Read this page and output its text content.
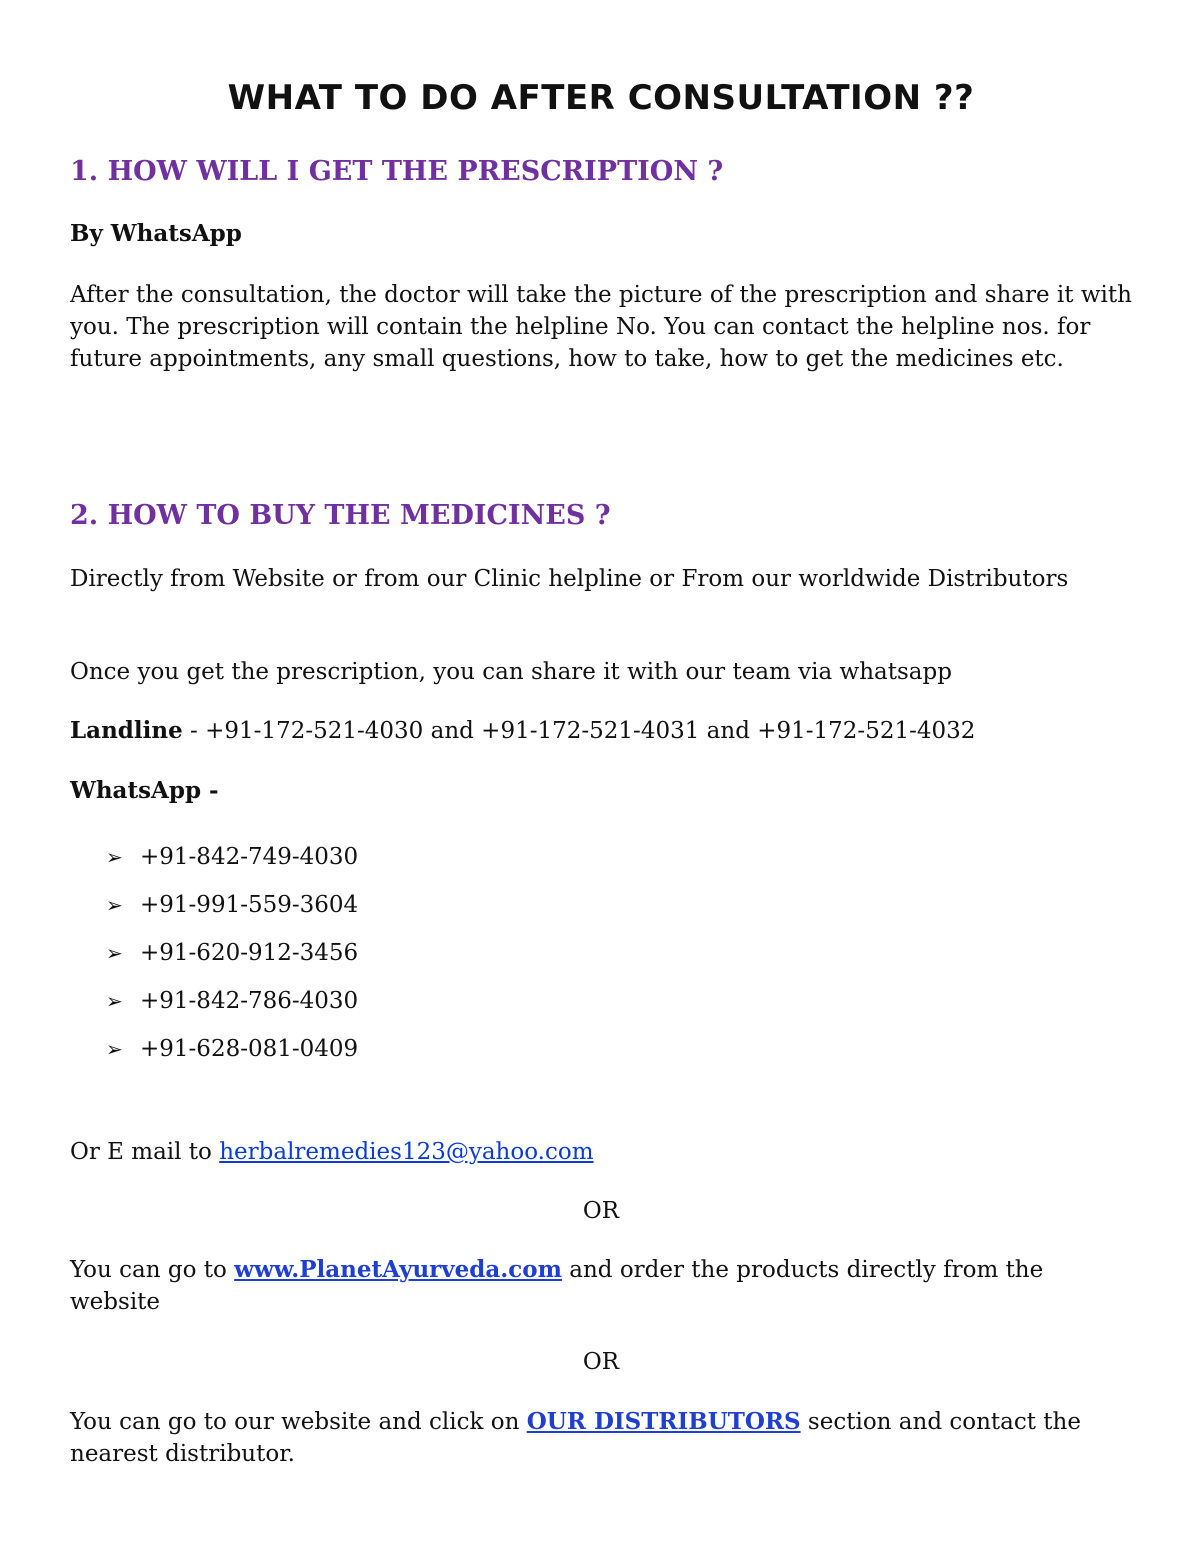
WHAT TO DO AFTER CONSULTATION ??
1. HOW WILL I GET THE PRESCRIPTION ?

By WhatsApp

After the consultation, the doctor will take the picture of the prescription and share it with you. The prescription will contain the helpline No. You can contact the helpline nos. for future appointments, any small questions, how to take, how to get the medicines etc.

2. HOW TO BUY THE MEDICINES ?

Directly from Website or from our Clinic helpline or From our worldwide Distributors

Once you get the prescription, you can share it with our team via whatsapp

Landline - +91-172-521-4030 and +91-172-521-4031 and +91-172-521-4032

WhatsApp -

➢ +91-842-749-4030
➢ +91-991-559-3604
➢ +91-620-912-3456
➢ +91-842-786-4030
➢ +91-628-081-0409

Or E mail to herbalremedies123@yahoo.com

OR

You can go to www.PlanetAyurveda.com and order the products directly from the website

OR

You can go to our website and click on OUR DISTRIBUTORS section and contact the nearest distributor.
